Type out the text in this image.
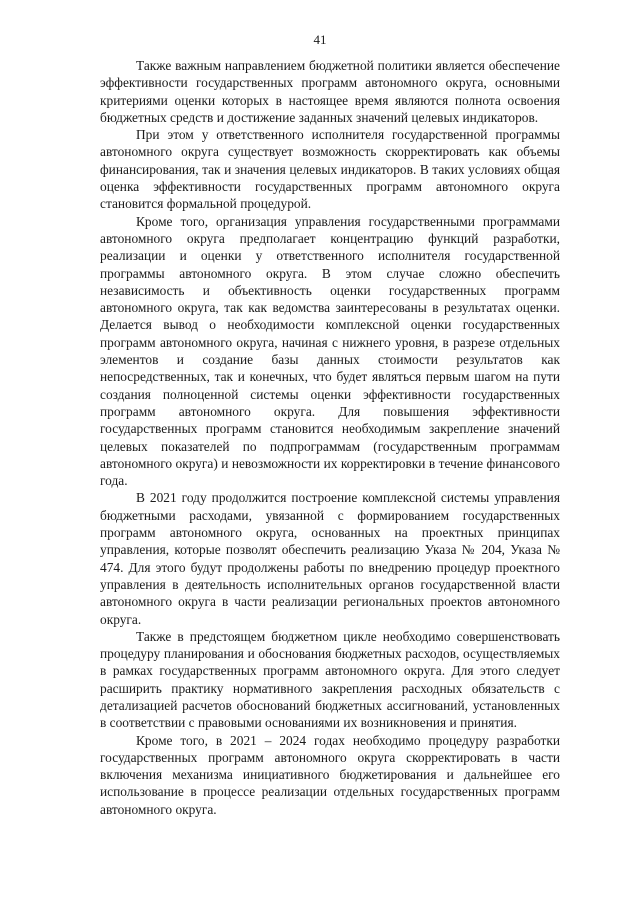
41

Также важным направлением бюджетной политики является обеспечение эффективности государственных программ автономного округа, основными критериями оценки которых в настоящее время являются полнота освоения бюджетных средств и достижение заданных значений целевых индикаторов.

При этом у ответственного исполнителя государственной программы автономного округа существует возможность скорректировать как объемы финансирования, так и значения целевых индикаторов. В таких условиях общая оценка эффективности государственных программ автономного округа становится формальной процедурой.

Кроме того, организация управления государственными программами автономного округа предполагает концентрацию функций разработки, реализации и оценки у ответственного исполнителя государственной программы автономного округа. В этом случае сложно обеспечить независимость и объективность оценки государственных программ автономного округа, так как ведомства заинтересованы в результатах оценки. Делается вывод о необходимости комплексной оценки государственных программ автономного округа, начиная с нижнего уровня, в разрезе отдельных элементов и создание базы данных стоимости результатов как непосредственных, так и конечных, что будет являться первым шагом на пути создания полноценной системы оценки эффективности государственных программ автономного округа. Для повышения эффективности государственных программ становится необходимым закрепление значений целевых показателей по подпрограммам (государственным программам автономного округа) и невозможности их корректировки в течение финансового года.

В 2021 году продолжится построение комплексной системы управления бюджетными расходами, увязанной с формированием государственных программ автономного округа, основанных на проектных принципах управления, которые позволят обеспечить реализацию Указа № 204, Указа № 474. Для этого будут продолжены работы по внедрению процедур проектного управления в деятельность исполнительных органов государственной власти автономного округа в части реализации региональных проектов автономного округа.

Также в предстоящем бюджетном цикле необходимо совершенствовать процедуру планирования и обоснования бюджетных расходов, осуществляемых в рамках государственных программ автономного округа. Для этого следует расширить практику нормативного закрепления расходных обязательств с детализацией расчетов обоснований бюджетных ассигнований, установленных в соответствии с правовыми основаниями их возникновения и принятия.

Кроме того, в 2021 – 2024 годах необходимо процедуру разработки государственных программ автономного округа скорректировать в части включения механизма инициативного бюджетирования и дальнейшее его использование в процессе реализации отдельных государственных программ автономного округа.
